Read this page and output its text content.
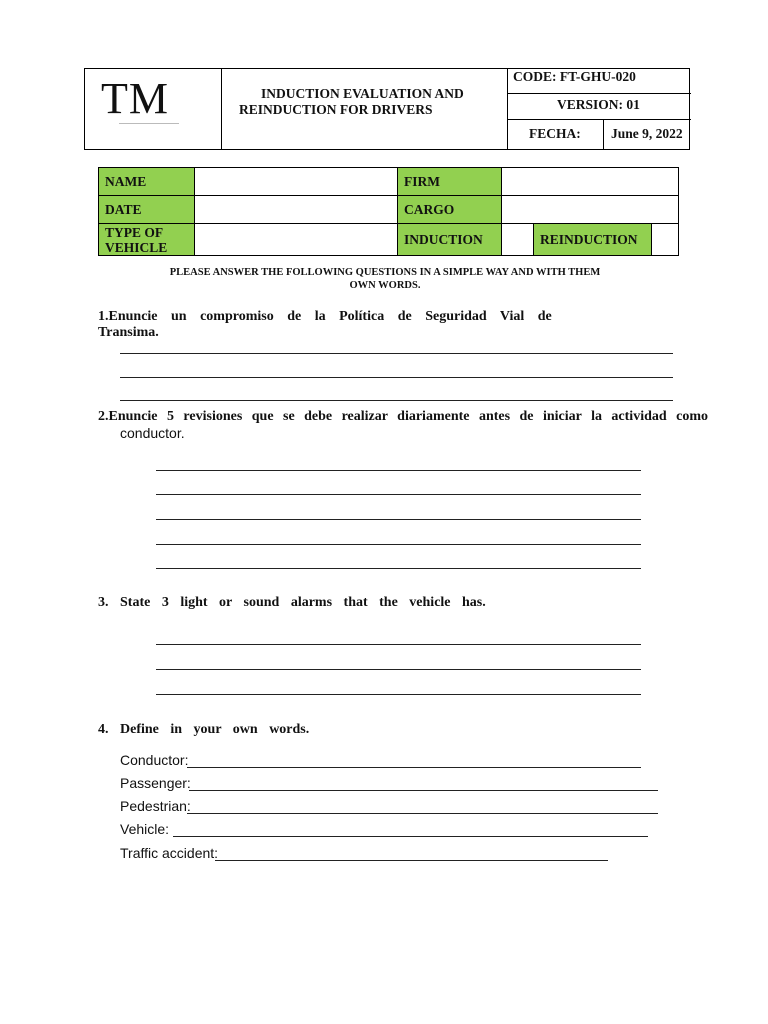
TM	INDUCTION EVALUATION AND
REINDUCTION FOR DRIVERS
CODE: FT-GHU-020
VERSION: 01
FECHA: June 9, 2022
NAME		FIRM			
DATE		CARGO			
TYPE OF
VEHICLE		INDUCTION		REINDUCTION	
PLEASE ANSWER THE FOLLOWING QUESTIONS IN A SIMPLE WAY AND WITH THEM
OWN WORDS.
1.Enuncie un compromiso de la Política de Seguridad Vial de Transima.
2.Enuncie 5 revisiones que se debe realizar diariamente antes de iniciar la actividad como
conductor.
3. State 3 light or sound alarms that the vehicle has.
4. Define in your own words.
Conductor:
Passenger:
Pedestrian:
Vehicle:
Traffic accident:
